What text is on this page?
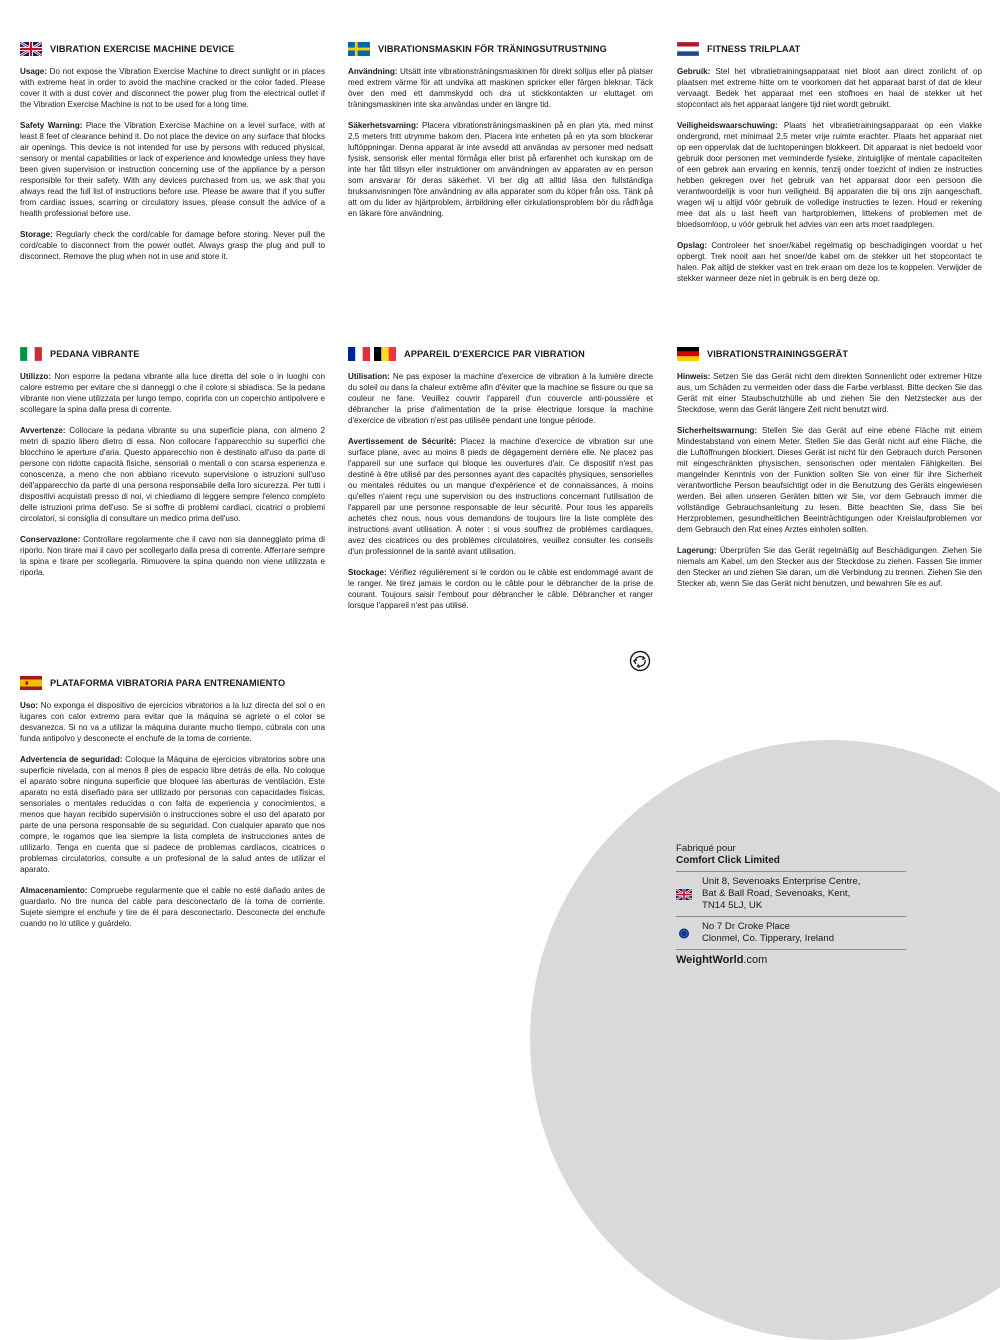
VIBRATION EXERCISE MACHINE DEVICE

Usage: Do not expose the Vibration Exercise Machine to direct sunlight or in places with extreme heat in order to avoid the machine cracked or the color faded. Please cover it with a dust cover and disconnect the power plug from the electrical outlet if the Vibration Exercise Machine is not to be used for a long time.

Safety Warning: Place the Vibration Exercise Machine on a level surface, with at least 8 feet of clearance behind it. Do not place the device on any surface that blocks air openings. This device is not intended for use by persons with reduced physical, sensory or mental capabilities or lack of experience and knowledge unless they have been given supervision or instruction concerning use of the appliance by a person responsible for their safety. With any devices purchased from us, we ask that you always read the full list of instructions before use. Please be aware that if you suffer from cardiac issues, scarring or circulatory issues, please consult the advice of a health professional before use.

Storage: Regularly check the cord/cable for damage before storing. Never pull the cord/cable to disconnect from the power outlet. Always grasp the plug and pull to disconnect. Remove the plug when not in use and store it.

VIBRATIONSMASKIN FÖR TRÄNINGSUTRUSTNING

Användning: Utsätt inte vibrationsträningsmaskinen för direkt solljus eller på platser med extrem värme för att undvika att maskinen spricker eller färgen bleknar. Täck över den med ett dammskydd och dra ut stickkontakten ur eluttaget om träningsmaskinen inte ska användas under en längre tid.

Säkerhetsvarning: Placera vibrationsträningsmaskinen på en plan yta, med minst 2,5 meters fritt utrymme bakom den. Placera inte enheten på en yta som blockerar luftöppningar. Denna apparat är inte avsedd att användas av personer med nedsatt fysisk, sensorisk eller mental förmåga eller brist på erfarenhet och kunskap om de inte har fått tillsyn eller instruktioner om användningen av apparaten av en person som ansvarar för deras säkerhet. Vi ber dig att alltid läsa den fullständiga bruksanvisningen före användning av alla apparater som du köper från oss. Tänk på att om du lider av hjärtproblem, ärrbildning eller cirkulationsproblem bör du rådfråga en läkare före användning.

FITNESS TRILPLAAT

Gebruik: Stel het vibratietrainingsapparaat niet bloot aan direct zonlicht of op plaatsen met extreme hitte om te voorkomen dat het apparaat barst of dat de kleur vervaagt. Bedek het apparaat met een stofhoes en haal de stekker uit het stopcontact als het apparaat langere tijd niet wordt gebruikt.

Veiligheidswaarschuwing: Plaats het vibratietrainingsapparaat op een vlakke ondergrond, met minimaal 2,5 meter vrije ruimte erachter. Plaats het apparaat niet op een oppervlak dat de luchtopeningen blokkeert. Dit apparaat is niet bedoeld voor gebruik door personen met verminderde fysieke, zintuiglijke of mentale capaciteiten of een gebrek aan ervaring en kennis, tenzij onder toezicht of indien ze instructies hebben gekregen over het gebruik van het apparaat door een persoon die verantwoordelijk is voor hun veiligheid. Bij apparaten die bij ons zijn aangeschaft, vragen wij u altijd vóór gebruik de volledige instructies te lezen. Houd er rekening mee dat als u last heeft van hartproblemen, littekens of problemen met de bloedsomloop, u vóór gebruik het advies van een arts moet raadplegen.

Opslag: Controleer het snoer/kabel regelmatig op beschadigingen voordat u het opbergt. Trek nooit aan het snoer/de kabel om de stekker uit het stopcontact te halen. Pak altijd de stekker vast en trek eraan om deze los te koppelen. Verwijder de stekker wanneer deze niet in gebruik is en berg deze op.

PEDANA VIBRANTE

Utilizzo: Non esporre la pedana vibrante alla luce diretta del sole o in luoghi con calore estremo per evitare che si danneggi o che il colore si sbiadisca. Se la pedana vibrante non viene utilizzata per lungo tempo, coprirla con un coperchio antipolvere e scollegare la spina dalla presa di corrente.

Avvertenze: Collocare la pedana vibrante su una superficie piana, con almeno 2 metri di spazio libero dietro di essa. Non collocare l'apparecchio su superfici che blocchino le aperture d'aria. Questo apparecchio non è destinato all'uso da parte di persone con ridotte capacità fisiche, sensoriali o mentali o con scarsa esperienza e conoscenza, a meno che non abbiano ricevuto supervisione o istruzioni sull'uso dell'apparecchio da parte di una persona responsabile della loro sicurezza. Per tutti i dispositivi acquistati presso di noi, vi chiediamo di leggere sempre l'elenco completo delle istruzioni prima dell'uso. Se si soffre di problemi cardiaci, cicatrici o problemi circolatori, si consiglia di consultare un medico prima dell'uso.

Conservazione: Controllare regolarmente che il cavo non sia danneggiato prima di riporlo. Non tirare mai il cavo per scollegarlo dalla presa di corrente. Afferrare sempre la spina e tirare per scollegarla. Rimuovere la spina quando non viene utilizzata e riporla.

APPAREIL D'EXERCICE PAR VIBRATION

Utilisation: Ne pas exposer la machine d'exercice de vibration à la lumière directe du soleil ou dans la chaleur extrême afin d'éviter que la machine se fissure ou que sa couleur ne fane. Veuillez couvrir l'appareil d'un couvercle anti-poussière et débrancher la prise d'alimentation de la prise électrique lorsque la machine d'exercice de vibration n'est pas utilisée pendant une longue période.

Avertissement de Sécurité: Placez la machine d'exercice de vibration sur une surface plane, avec au moins 8 pieds de dégagement derrière elle. Ne placez pas l'appareil sur une surface qui bloque les ouvertures d'air. Ce dispositif n'est pas destiné à être utilisé par des personnes ayant des capacités physiques, sensorielles ou mentales réduites ou un manque d'expérience et de connaissances, à moins qu'elles n'aient reçu une supervision ou des instructions concernant l'utilisation de l'appareil par une personne responsable de leur sécurité. Pour tous les appareils achetés chez nous, nous vous demandons de toujours lire la liste complète des instructions avant utilisation. À noter : si vous souffrez de problèmes cardiaques, avez des cicatrices ou des problèmes circulatoires, veuillez consulter les conseils d'un professionnel de la santé avant utilisation.

Stockage: Vérifiez régulièrement si le cordon ou le câble est endommagé avant de le ranger. Ne tirez jamais le cordon ou le câble pour le débrancher de la prise de courant. Toujours saisir l'embout pour débrancher le câble. Débrancher et ranger lorsque l'appareil n'est pas utilisé.

VIBRATIONSTRAININGSGERÄT

Hinweis: Setzen Sie das Gerät nicht dem direkten Sonnenlicht oder extremer Hitze aus, um Schäden zu vermeiden oder dass die Farbe verblasst. Bitte decken Sie das Gerät mit einer Staubschutzhülle ab und ziehen Sie den Netzstecker aus der Steckdose, wenn das Gerät längere Zeit nicht benutzt wird.

Sicherheitswarnung: Stellen Sie das Gerät auf eine ebene Fläche mit einem Mindestabstand von einem Meter. Stellen Sie das Gerät nicht auf eine Fläche, die die Luftöffnungen blockiert. Dieses Gerät ist nicht für den Gebrauch durch Personen mit eingeschränkten physischen, sensorischen oder mentalen Fähigkeiten. Bei mangelnder Kenntnis von der Funktion sollten Sie von einer für ihre Sicherheit verantwortliche Person beaufsichtigt oder in die Benutzung des Geräts eingewiesen werden. Bei allen unseren Geräten bitten wir Sie, vor dem Gebrauch immer die vollständige Gebrauchsanleitung zu lesen. Bitte beachten Sie, dass Sie bei Herzproblemen, gesundheitlichen Beeinträchtigungen oder Kreislaufproblemen vor dem Gebrauch den Rat eines Arztes einholen sollten.

Lagerung: Überprüfen Sie das Gerät regelmäßig auf Beschädigungen. Ziehen Sie niemals am Kabel, um den Stecker aus der Steckdose zu ziehen. Fassen Sie immer den Stecker an und ziehen Sie daran, um die Verbindung zu trennen. Ziehen Sie den Stecker ab, wenn Sie das Gerät nicht benutzen, und bewahren Sie es auf.

PLATAFORMA VIBRATORIA PARA ENTRENAMIENTO

Uso: No exponga el dispositivo de ejercicios vibratorios a la luz directa del sol o en lugares con calor extremo para evitar que la máquina se agriete o el color se desvanezca. Si no va a utilizar la máquina durante mucho tiempo, cúbrala con una funda antipolvo y desconecte el enchufe de la toma de corriente.

Advertencia de seguridad: Coloque la Máquina de ejercicios vibratorios sobre una superficie nivelada, con al menos 8 pies de espacio libre detrás de ella. No coloque el aparato sobre ninguna superficie que bloquee las aberturas de ventilación. Este aparato no está diseñado para ser utilizado por personas con capacidades físicas, sensoriales o mentales reducidas o con falta de experiencia y conocimientos, a menos que hayan recibido supervisión o instrucciones sobre el uso del aparato por parte de una persona responsable de su seguridad. Con cualquier aparato que nos compre, le rogamos que lea siempre la lista completa de instrucciones antes de utilizarlo. Tenga en cuenta que si padece de problemas cardíacos, cicatrices o problemas circulatorios, consulte a un profesional de la salud antes de utilizar el aparato.

Almacenamiento: Compruebe regularmente que el cable no esté dañado antes de guardarlo. No tire nunca del cable para desconectarlo de la toma de corriente. Sujete siempre el enchufe y tire de él para desconectarlo. Desconecte del enchufe cuando no lo utilice y guárdelo.

Fabriqué pour

Comfort Click Limited

Unit 8, Sevenoaks Enterprise Centre,
Bat & Ball Road, Sevenoaks, Kent,
TN14 5LJ, UK
No 7 Dr Croke Place
Clonmel, Co. Tipperary, Ireland
WeightWorld.com
